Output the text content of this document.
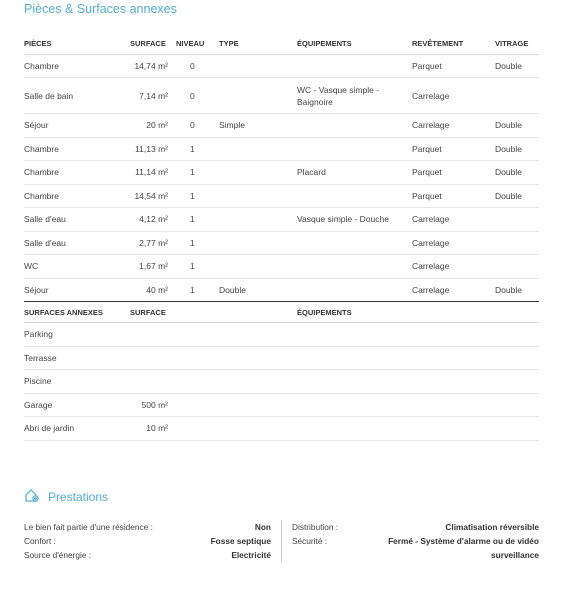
Pièces & Surfaces annexes
PIÈCES	SURFACE	NIVEAU	TYPE	ÉQUIPEMENTS	REVÊTEMENT	VITRAGE
Chambre	14,74 m²	0			Parquet	Double
Salle de bain	7,14 m²	0		WC - Vasque simple - Baignoire	Carrelage	
Séjour	20 m²	0	Simple		Carrelage	Double
Chambre	11,13 m²	1			Parquet	Double
Chambre	11,14 m²	1		Placard	Parquet	Double
Chambre	14,54 m²	1			Parquet	Double
Salle d'eau	4,12 m²	1		Vasque simple - Douche	Carrelage	
Salle d'eau	2,77 m²	1			Carrelage	
WC	1,67 m²	1			Carrelage	
Séjour	40 m²	1	Double		Carrelage	Double
SURFACES ANNEXES	SURFACE			ÉQUIPEMENTS		
Parking						
Terrasse						
Piscine						
Garage	500 m²					
Abri de jardin	10 m²					
Prestations
Le bien fait partie d'une résidence :	Non
Confort :	Fosse septique
Source d'énergie :	Electricité
Distribution :	Climatisation réversible
Sécurité :	Fermé - Système d'alarme ou de vidéo surveillance
